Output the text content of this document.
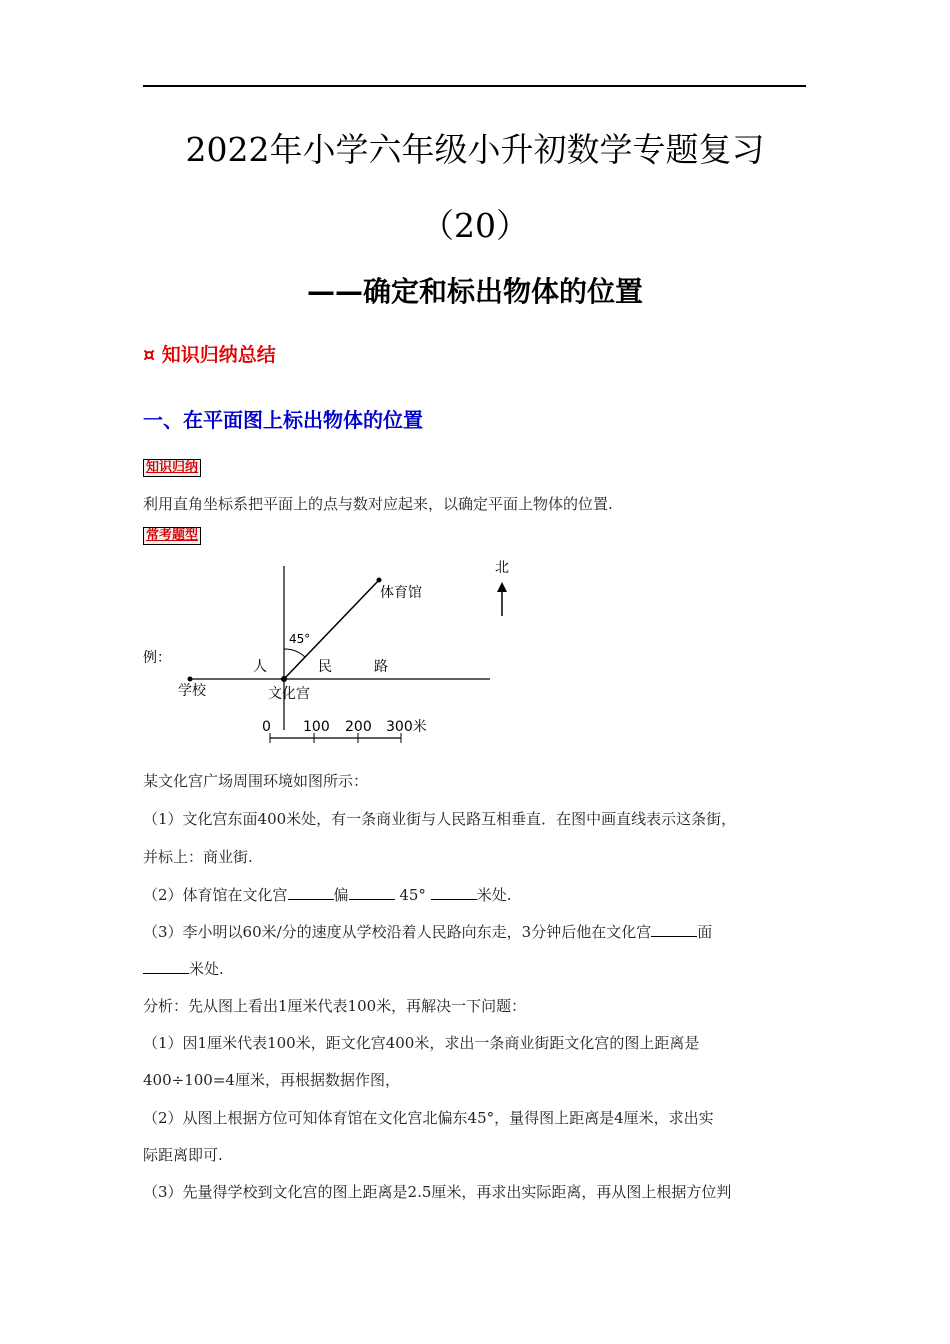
2022年小学六年级小升初数学专题复习
（20）
——确定和标出物体的位置
¤ 知识归纳总结
一、在平面图上标出物体的位置
知识归纳
利用直角坐标系把平面上的点与数对应起来，以确定平面上物体的位置.
常考题型
例：
北
体育馆
45°
人	民	路
学校	文化宫
0 100 200 300米
某文化宫广场周围环境如图所示：
（1）文化宫东面400米处，有一条商业街与人民路互相垂直．在图中画直线表示这条街，
并标上：商业街.
（2）体育馆在文化宫	偏	45°	米处.
（3）李小明以60米/分的速度从学校沿着人民路向东走，3分钟后他在文化宫	面
米处.
分析：先从图上看出1厘米代表100米，再解决一下问题：
（1）因1厘米代表100米，距文化宫400米，求出一条商业街距文化宫的图上距离是
400÷100=4厘米，再根据数据作图，
（2）从图上根据方位可知体育馆在文化宫北偏东45°，量得图上距离是4厘米，求出实
际距离即可.
（3）先量得学校到文化宫的图上距离是2.5厘米，再求出实际距离，再从图上根据方位判
